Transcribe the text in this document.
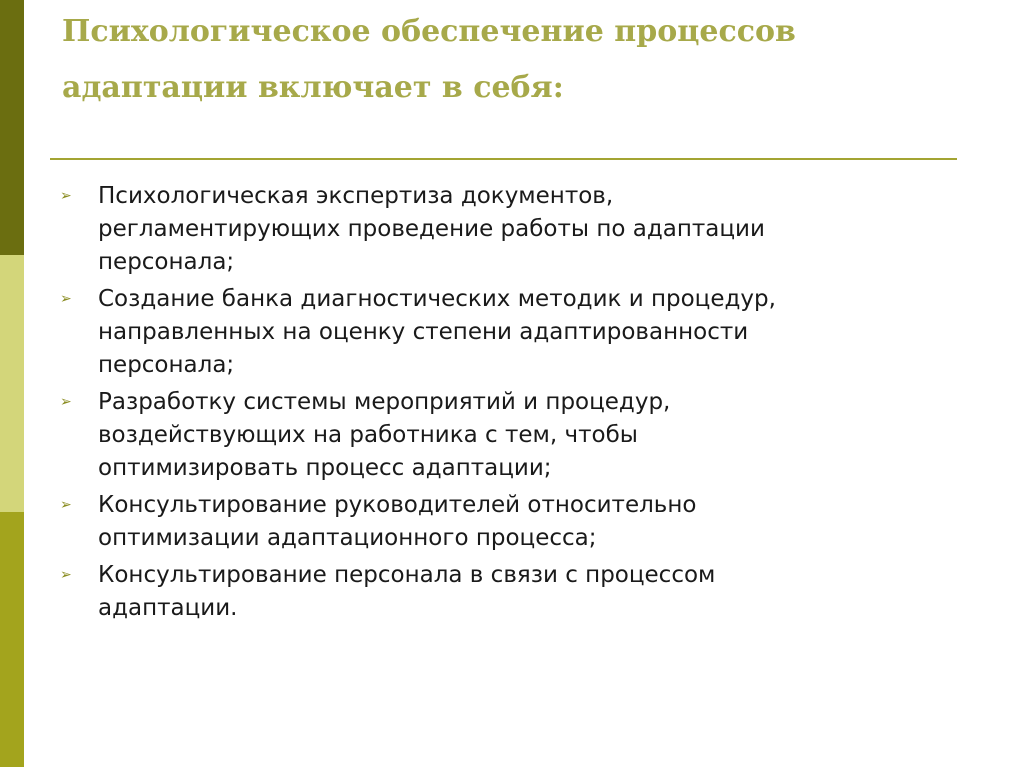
Психологическое обеспечение процессов
адаптации включает в себя:
➢ Психологическая экспертиза документов,
регламентирующих проведение работы по адаптации
персонала;
➢ Создание банка диагностических методик и процедур,
направленных на оценку степени адаптированности
персонала;
➢ Разработку системы мероприятий и процедур,
воздействующих на работника с тем, чтобы
оптимизировать процесс адаптации;
➢ Консультирование руководителей относительно
оптимизации адаптационного процесса;
➢ Консультирование персонала в связи с процессом
адаптации.
